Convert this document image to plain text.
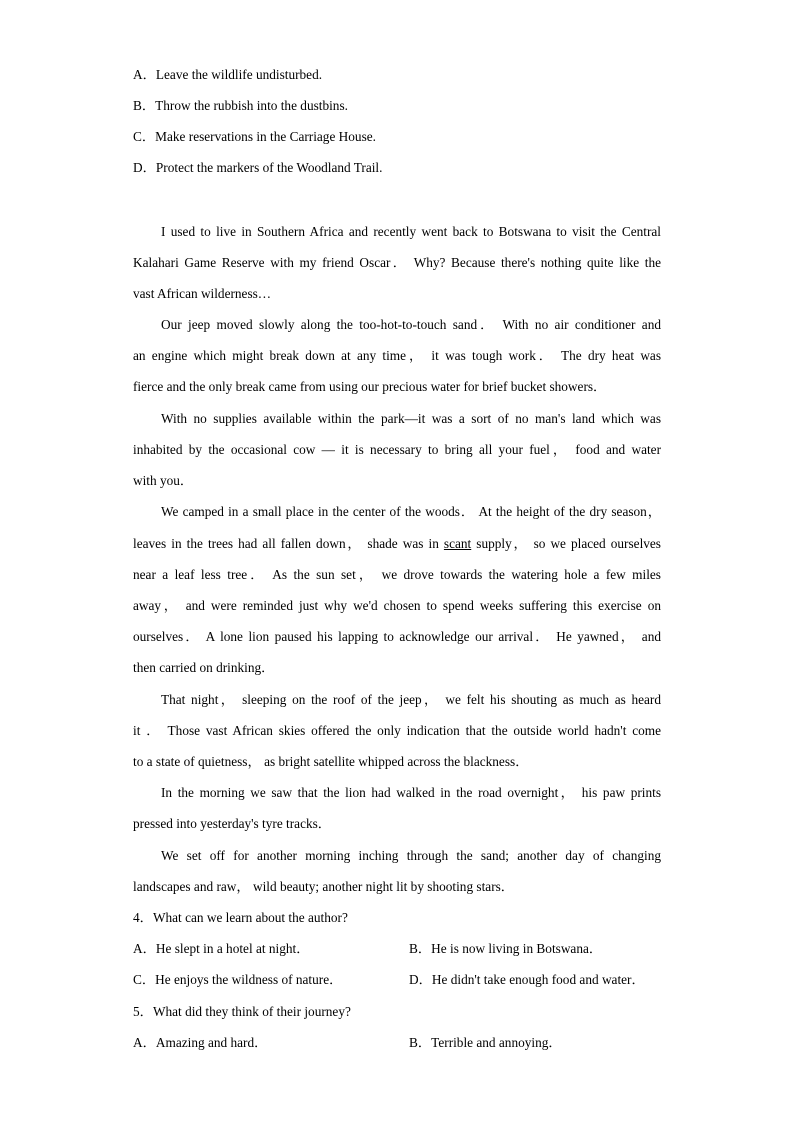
A．Leave the wildlife undisturbed.
B．Throw the rubbish into the dustbins.
C．Make reservations in the Carriage House.
D．Protect the markers of the Woodland Trail.
I used to live in Southern Africa and recently went back to Botswana to visit the Central
Kalahari Game Reserve with my friend Oscar． Why? Because there's nothing quite like the
vast African wilderness…
Our jeep moved slowly along the too-hot-to-touch sand． With no air conditioner and
an engine which might break down at any time， it was tough work． The dry heat was
fierce and the only break came from using our precious water for brief bucket showers．
With no supplies available within the park—it was a sort of no man's land which was
inhabited by the occasional cow — it is necessary to bring all your fuel， food and water
with you．
We camped in a small place in the center of the woods． At the height of the dry season，
leaves in the trees had all fallen down， shade was in scant supply， so we placed ourselves
near a leaf less tree． As the sun set， we drove towards the watering hole a few miles
away， and were reminded just why we'd chosen to spend weeks suffering this exercise on
ourselves． A lone lion paused his lapping to acknowledge our arrival． He yawned， and
then carried on drinking．
That night， sleeping on the roof of the jeep， we felt his shouting as much as heard
it ． Those vast African skies offered the only indication that the outside world hadn't come
to a state of quietness， as bright satellite whipped across the blackness．
In the morning we saw that the lion had walked in the road overnight， his paw prints
pressed into yesterday's tyre tracks．
We set off for another morning inching through the sand; another day of changing
landscapes and raw， wild beauty; another night lit by shooting stars．
4．What can we learn about the author?
A．He slept in a hotel at night．	B．He is now living in Botswana．
C．He enjoys the wildness of nature．	D．He didn't take enough food and water．
5．What did they think of their journey?
A．Amazing and hard．	B．Terrible and annoying．
